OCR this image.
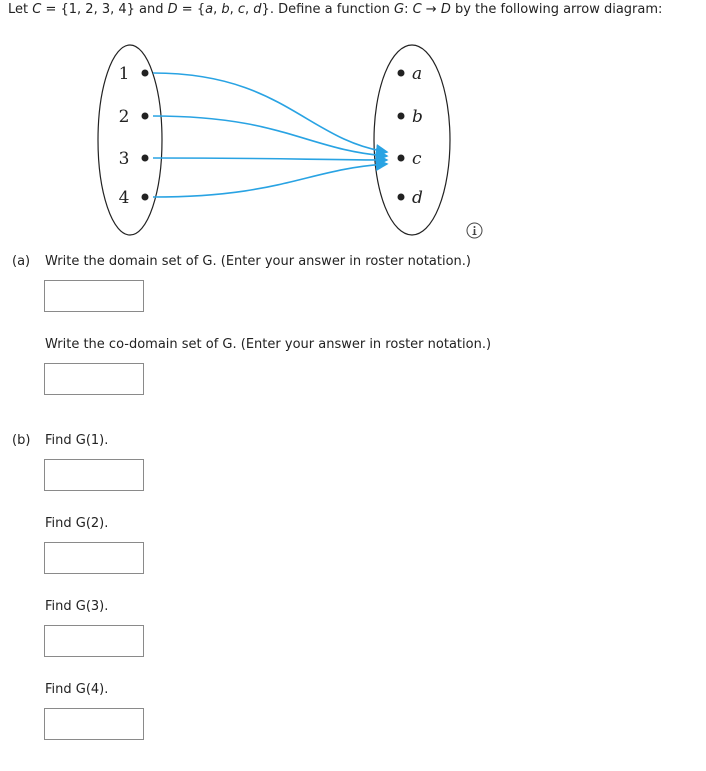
Let C = {1, 2, 3, 4} and D = {a, b, c, d}. Define a function G: C → D by the following arrow diagram:
1
2
3
4
a
b
c
d
(a) Write the domain set of G. (Enter your answer in roster notation.)
Write the co-domain set of G. (Enter your answer in roster notation.)
(b) Find G(1).
Find G(2).
Find G(3).
Find G(4).
